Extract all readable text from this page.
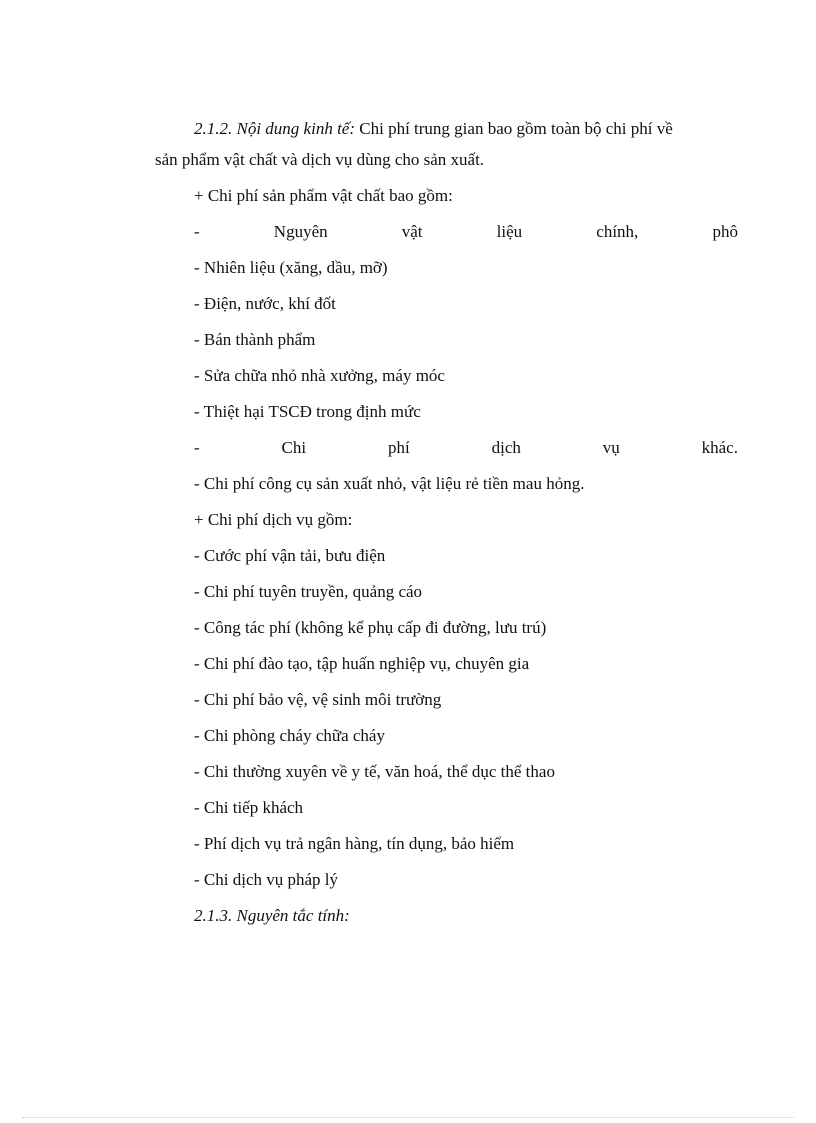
2.1.2. Nội dung kinh tế: Chi phí trung gian bao gồm toàn bộ chi phí về
sản phẩm vật chất và dịch vụ dùng cho sản xuất.
+ Chi phí sản phẩm vật chất bao gồm:
-	Nguyên	vật	liệu	chính,	phô
- Nhiên liệu (xăng, dầu, mỡ)
- Điện, nước, khí đốt
- Bán thành phẩm
- Sửa chữa nhỏ nhà xưởng, máy móc
- Thiệt hại TSCĐ trong định mức
-	Chi	phí	dịch	vụ	khác.
- Chi phí công cụ sản xuất nhỏ, vật liệu rẻ tiền mau hỏng.
+ Chi phí dịch vụ gồm:
- Cước phí vận tải, bưu điện
- Chi phí tuyên truyền, quảng cáo
- Công tác phí (không kể phụ cấp đi đường, lưu trú)
- Chi phí đào tạo, tập huấn nghiệp vụ, chuyên gia
- Chi phí bảo vệ, vệ sinh môi trường
- Chi phòng cháy chữa cháy
- Chi thường xuyên về y tế, văn hoá, thể dục thể thao
- Chi tiếp khách
- Phí dịch vụ trả ngân hàng, tín dụng, bảo hiểm
- Chi dịch vụ pháp lý
2.1.3. Nguyên tắc tính:
